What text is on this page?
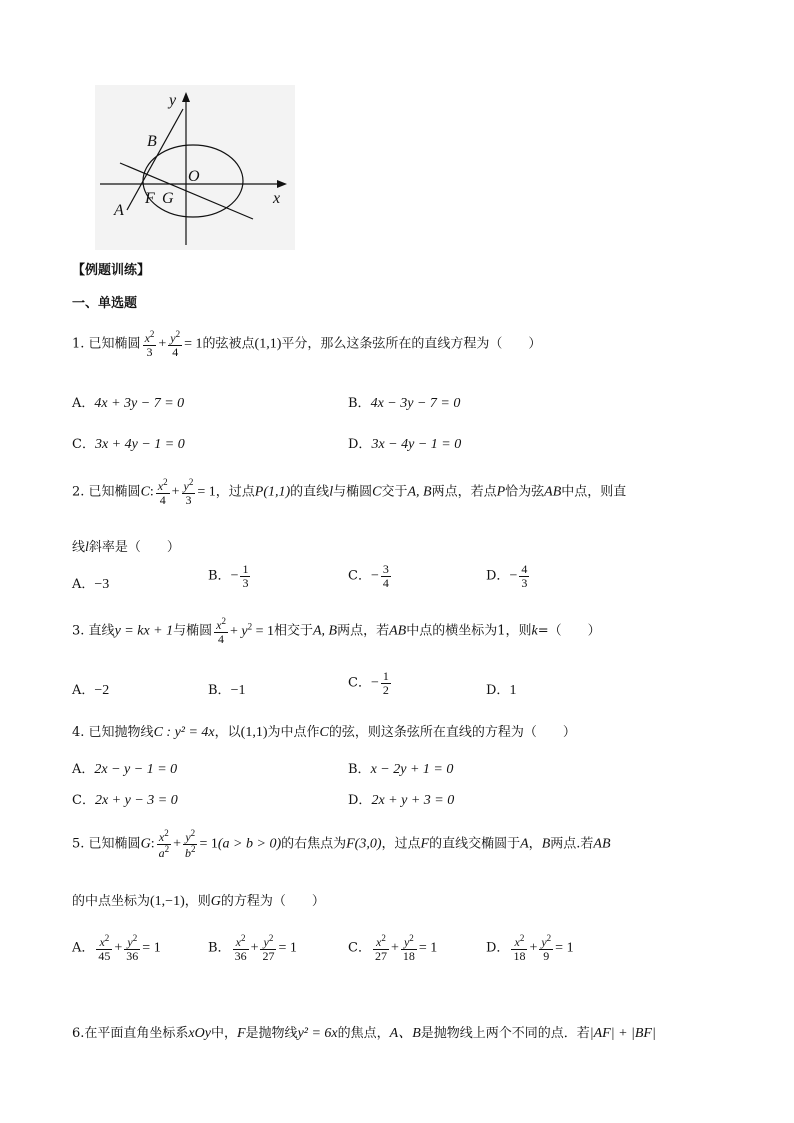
y
x
B
O
F G
A
【例题训练】
一、单选题
1. 已知椭圆 $\frac{x^2}{3} + \frac{y^2}{4} = 1$的弦被点(1,1)平分，那么这条弦所在的直线方程为（　　）
A．4x + 3y − 7 = 0	B．4x − 3y − 7 = 0
C．3x + 4y − 1 = 0	D．3x − 4y − 1 = 0
2. 已知椭圆C: $\frac{x^2}{4} + \frac{y^2}{3} = 1$，过点P(1,1)的直线l与椭圆C交于A, B两点，若点P恰为弦AB中点，则直
线l斜率是（　　）
A．−3
B．− $\frac{1}{3}$	C．− $\frac{3}{4}$	D．− $\frac{4}{3}$
3. 直线y = kx + 1与椭圆 $\frac{x^2}{4} + y^2 = 1$相交于A, B两点，若AB中点的横坐标为1，则k=（　　）
A．−2	B．−1	C．− $\frac{1}{2}$	D．1
4. 已知抛物线C : y² = 4x，以(1,1)为中点作C的弦，则这条弦所在直线的方程为（　　）
A．2x − y − 1 = 0	B．x − 2y + 1 = 0
C．2x + y − 3 = 0	D．2x + y + 3 = 0
5. 已知椭圆G: $\frac{x^2}{a^2} + \frac{y^2}{b^2} = 1(a > b > 0)$的右焦点为F(3,0)，过点F的直线交椭圆于A，B两点.若AB
的中点坐标为(1,−1)，则G的方程为（　　）
A． $\frac{x^2}{45} + \frac{y^2}{36} = 1$	B． $\frac{x^2}{36} + \frac{y^2}{27} = 1$	C． $\frac{x^2}{27} + \frac{y^2}{18} = 1$	D． $\frac{x^2}{18} + \frac{y^2}{9} = 1$
6.在平面直角坐标系xOy中，F是抛物线y² = 6x的焦点，A、B是抛物线上两个不同的点．若|AF| + |BF|
